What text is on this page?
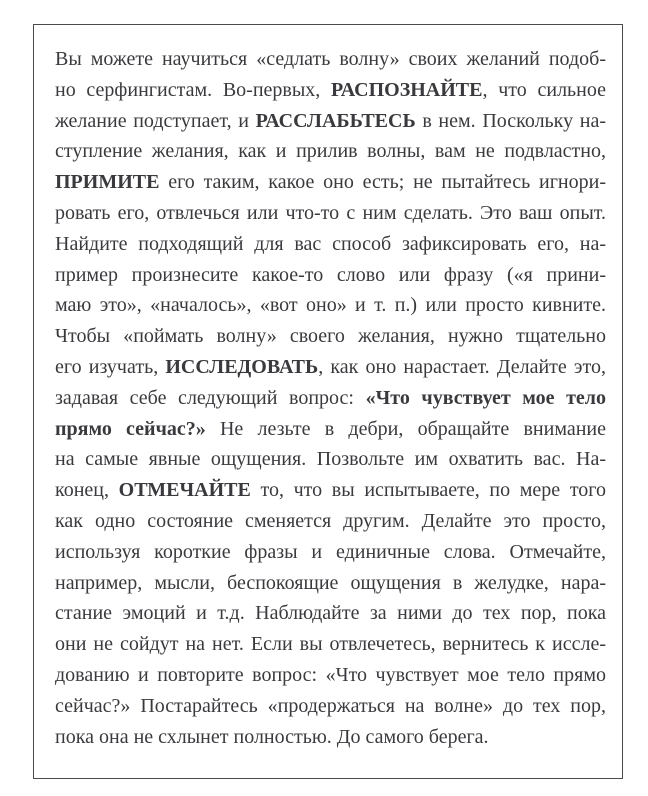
Вы можете научиться «седлать волну» своих желаний подоб-
но серфингистам. Во-первых, РАСПОЗНАЙТЕ, что сильное
желание подступает, и РАССЛАБЬТЕСЬ в нем. Поскольку на-
ступление желания, как и прилив волны, вам не подвластно,
ПРИМИТЕ его таким, какое оно есть; не пытайтесь игнори-
ровать его, отвлечься или что-то с ним сделать. Это ваш опыт.
Найдите подходящий для вас способ зафиксировать его, на-
пример произнесите какое-то слово или фразу («я прини-
маю это», «началось», «вот оно» и т. п.) или просто кивните.
Чтобы «поймать волну» своего желания, нужно тщательно
его изучать, ИССЛЕДОВАТЬ, как оно нарастает. Делайте это,
задавая себе следующий вопрос: «Что чувствует мое тело
прямо сейчас?» Не лезьте в дебри, обращайте внимание
на самые явные ощущения. Позвольте им охватить вас. На-
конец, ОТМЕЧАЙТЕ то, что вы испытываете, по мере того
как одно состояние сменяется другим. Делайте это просто,
используя короткие фразы и единичные слова. Отмечайте,
например, мысли, беспокоящие ощущения в желудке, нара-
стание эмоций и т.д. Наблюдайте за ними до тех пор, пока
они не сойдут на нет. Если вы отвлечетесь, вернитесь к иссле-
дованию и повторите вопрос: «Что чувствует мое тело прямо
сейчас?» Постарайтесь «продержаться на волне» до тех пор,
пока она не схлынет полностью. До самого берега.
